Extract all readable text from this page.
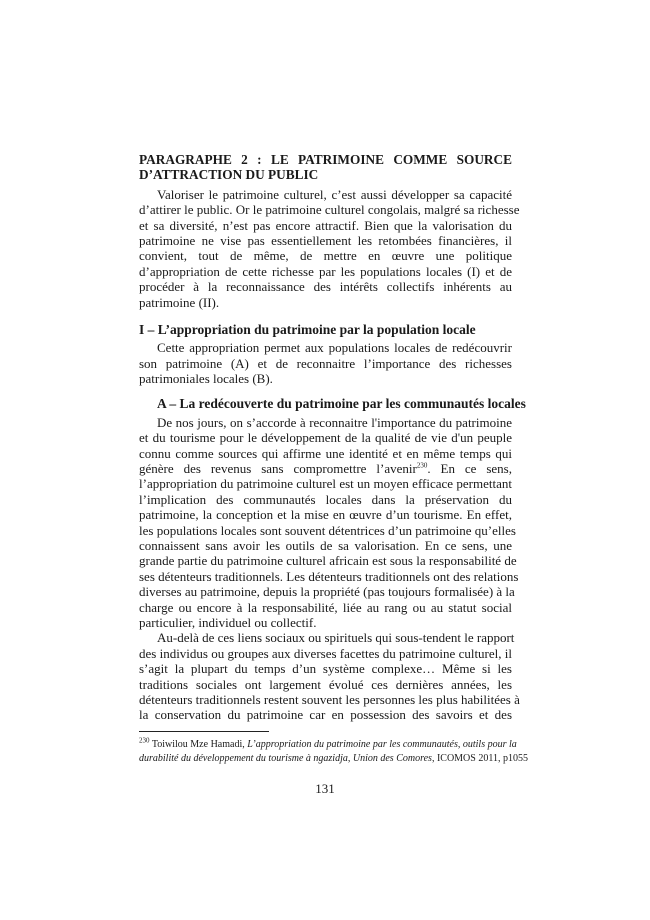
PARAGRAPHE 2 : LE PATRIMOINE COMME SOURCE
D’ATTRACTION DU PUBLIC
Valoriser le patrimoine culturel, c’est aussi développer sa capacité
d’attirer le public. Or le patrimoine culturel congolais, malgré sa richesse
et sa diversité, n’est pas encore attractif. Bien que la valorisation du
patrimoine ne vise pas essentiellement les retombées financières, il
convient, tout de même, de mettre en œuvre une politique
d’appropriation de cette richesse par les populations locales (I) et de
procéder à la reconnaissance des intérêts collectifs inhérents au
patrimoine (II).
I – L’appropriation du patrimoine par la population locale
Cette appropriation permet aux populations locales de redécouvrir
son patrimoine (A) et de reconnaitre l’importance des richesses
patrimoniales locales (B).
A – La redécouverte du patrimoine par les communautés locales
De nos jours, on s’accorde à reconnaitre l'importance du patrimoine
et du tourisme pour le développement de la qualité de vie d'un peuple
connu comme sources qui affirme une identité et en même temps qui
génère des revenus sans compromettre l’avenir$^{230}$. En ce sens,
l’appropriation du patrimoine culturel est un moyen efficace permettant
l’implication des communautés locales dans la préservation du
patrimoine, la conception et la mise en œuvre d’un tourisme. En effet,
les populations locales sont souvent détentrices d’un patrimoine qu’elles
connaissent sans avoir les outils de sa valorisation. En ce sens, une
grande partie du patrimoine culturel africain est sous la responsabilité de
ses détenteurs traditionnels. Les détenteurs traditionnels ont des relations
diverses au patrimoine, depuis la propriété (pas toujours formalisée) à la
charge ou encore à la responsabilité, liée au rang ou au statut social
particulier, individuel ou collectif.
Au-delà de ces liens sociaux ou spirituels qui sous-tendent le rapport
des individus ou groupes aux diverses facettes du patrimoine culturel, il
s’agit la plupart du temps d’un système complexe… Même si les
traditions sociales ont largement évolué ces dernières années, les
détenteurs traditionnels restent souvent les personnes les plus habilitées à
la conservation du patrimoine car en possession des savoirs et des
$^{230}$ Toiwilou Mze Hamadi, L’appropriation du patrimoine par les communautés, outils pour la
durabilité du développement du tourisme à ngazidja, Union des Comores, ICOMOS 2011, p1055
131
